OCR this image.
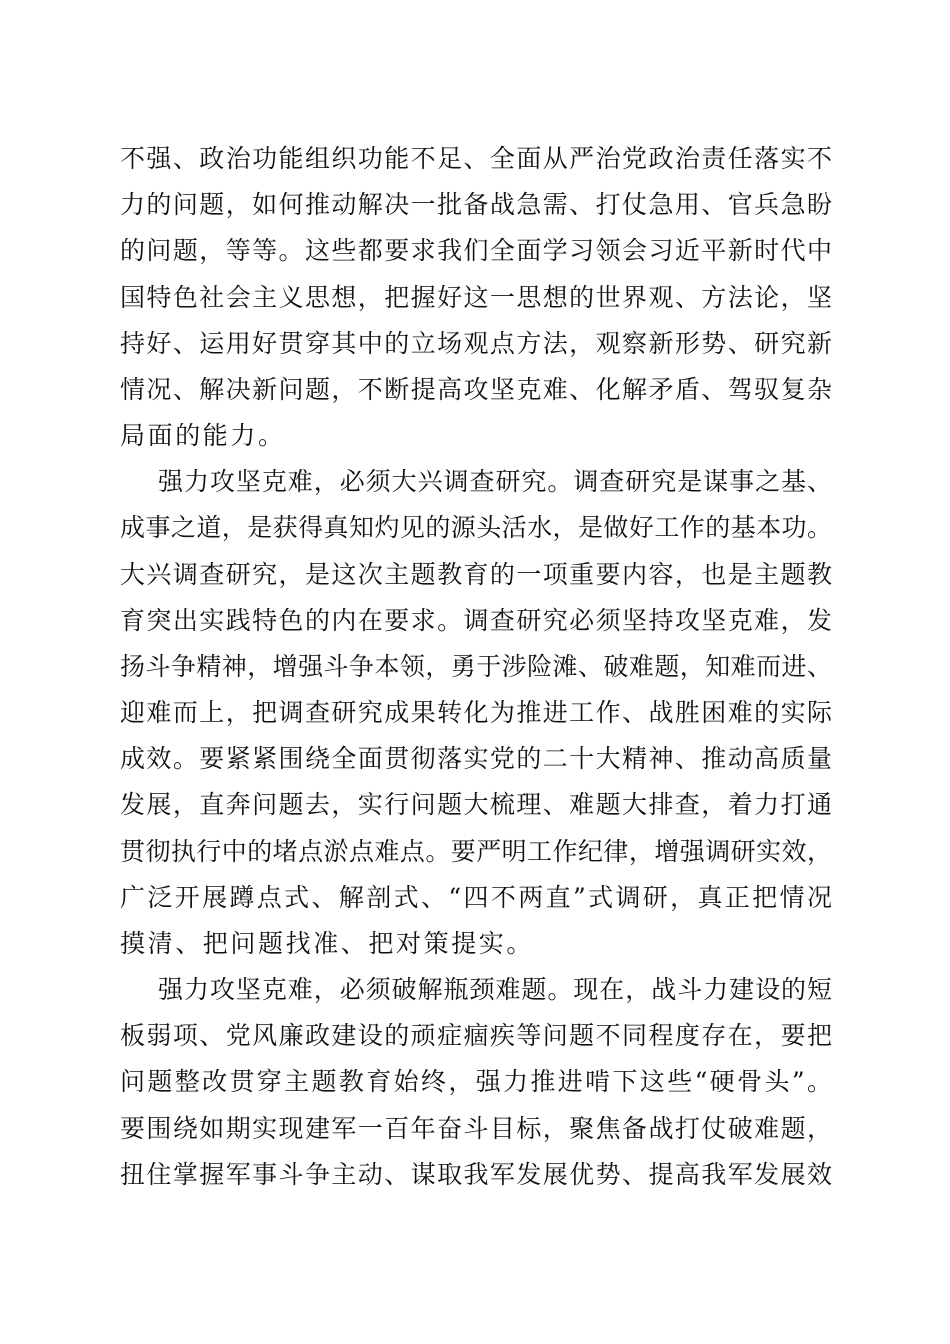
不强、政治功能组织功能不足、全面从严治党政治责任落实不
力的问题，如何推动解决一批备战急需、打仗急用、官兵急盼
的问题，等等。这些都要求我们全面学习领会习近平新时代中
国特色社会主义思想，把握好这一思想的世界观、方法论，坚
持好、运用好贯穿其中的立场观点方法，观察新形势、研究新
情况、解决新问题，不断提高攻坚克难、化解矛盾、驾驭复杂
局面的能力。
强力攻坚克难，必须大兴调查研究。调查研究是谋事之基、
成事之道，是获得真知灼见的源头活水，是做好工作的基本功。
大兴调查研究，是这次主题教育的一项重要内容，也是主题教
育突出实践特色的内在要求。调查研究必须坚持攻坚克难，发
扬斗争精神，增强斗争本领，勇于涉险滩、破难题，知难而进、
迎难而上，把调查研究成果转化为推进工作、战胜困难的实际
成效。要紧紧围绕全面贯彻落实党的二十大精神、推动高质量
发展，直奔问题去，实行问题大梳理、难题大排查，着力打通
贯彻执行中的堵点淤点难点。要严明工作纪律，增强调研实效，
广泛开展蹲点式、解剖式、“四不两直”式调研，真正把情况
摸清、把问题找准、把对策提实。
强力攻坚克难，必须破解瓶颈难题。现在，战斗力建设的短
板弱项、党风廉政建设的顽症痼疾等问题不同程度存在，要把
问题整改贯穿主题教育始终，强力推进啃下这些“硬骨头”。
要围绕如期实现建军一百年奋斗目标，聚焦备战打仗破难题，
扭住掌握军事斗争主动、谋取我军发展优势、提高我军发展效
